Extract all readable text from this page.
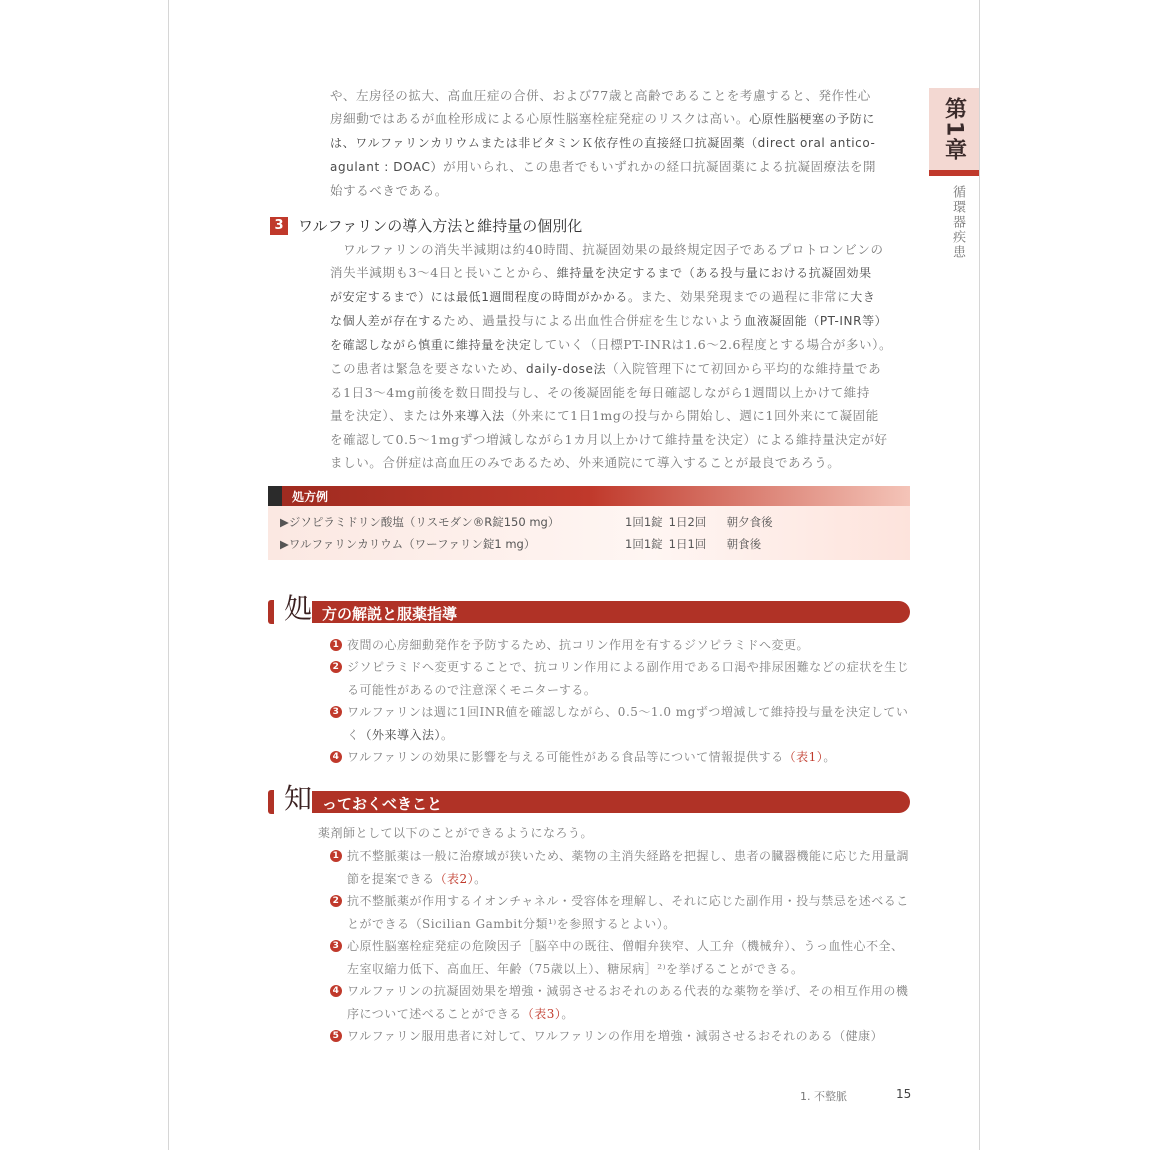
第1章
循環器疾患
や、左房径の拡大、高血圧症の合併、および77歳と高齢であることを考慮すると、発作性心
房細動ではあるが血栓形成による心原性脳塞栓症発症のリスクは高い。心原性脳梗塞の予防に
は、ワルファリンカリウムまたは非ビタミンＫ依存性の直接経口抗凝固薬（direct oral antico-
agulant : DOAC）が用いられ、この患者でもいずれかの経口抗凝固薬による抗凝固療法を開
始するべきである。
3 ワルファリンの導入方法と維持量の個別化
　ワルファリンの消失半減期は約40時間、抗凝固効果の最終規定因子であるプロトロンビンの
消失半減期も3～4日と長いことから、維持量を決定するまで（ある投与量における抗凝固効果
が安定するまで）には最低1週間程度の時間がかかる。また、効果発現までの過程に非常に大き
な個人差が存在するため、過量投与による出血性合併症を生じないよう血液凝固能（PT-INR等）
を確認しながら慎重に維持量を決定していく（日標PT-INRは1.6～2.6程度とする場合が多い）。
この患者は緊急を要さないため、daily-dose法（入院管理下にて初回から平均的な維持量であ
る1日3～4mg前後を数日間投与し、その後凝固能を毎日確認しながら1週間以上かけて維持
量を決定）、または外来導入法（外来にて1日1mgの投与から開始し、週に1回外来にて凝固能
を確認して0.5～1mgずつ増減しながら1カ月以上かけて維持量を決定）による維持量決定が好
ましい。合併症は高血圧のみであるため、外来通院にて導入することが最良であろう。
処方例
▶ジソピラミドリン酸塩（リスモダン®R錠150 mg）	1回1錠 1日2回 朝夕食後
▶ワルファリンカリウム（ワーファリン錠1 mg）	1回1錠 1日1回 朝食後
処 方の解説と服薬指導
1 夜間の心房細動発作を予防するため、抗コリン作用を有するジソピラミドへ変更。
2 ジソピラミドへ変更することで、抗コリン作用による副作用である口渇や排尿困難などの症状を生じる可能性があるので注意深くモニターする。
3 ワルファリンは週に1回INR値を確認しながら、0.5～1.0 mgずつ増減して維持投与量を決定していく（外来導入法）。
4 ワルファリンの効果に影響を与える可能性がある食品等について情報提供する（表1）。
知 っておくべきこと
薬剤師として以下のことができるようになろう。
1 抗不整脈薬は一般に治療域が狭いため、薬物の主消失経路を把握し、患者の臓器機能に応じた用量調節を提案できる（表2）。
2 抗不整脈薬が作用するイオンチャネル・受容体を理解し、それに応じた副作用・投与禁忌を述べることができる（Sicilian Gambit分類¹⁾を参照するとよい）。
3 心原性脳塞栓症発症の危険因子［脳卒中の既往、僧帽弁狭窄、人工弁（機械弁）、うっ血性心不全、左室収縮力低下、高血圧、年齢（75歳以上）、糖尿病］²⁾を挙げることができる。
4 ワルファリンの抗凝固効果を増強・減弱させるおそれのある代表的な薬物を挙げ、その相互作用の機序について述べることができる（表3）。
5 ワルファリン服用患者に対して、ワルファリンの作用を増強・減弱させるおそれのある（健康）
1. 不整脈	15
